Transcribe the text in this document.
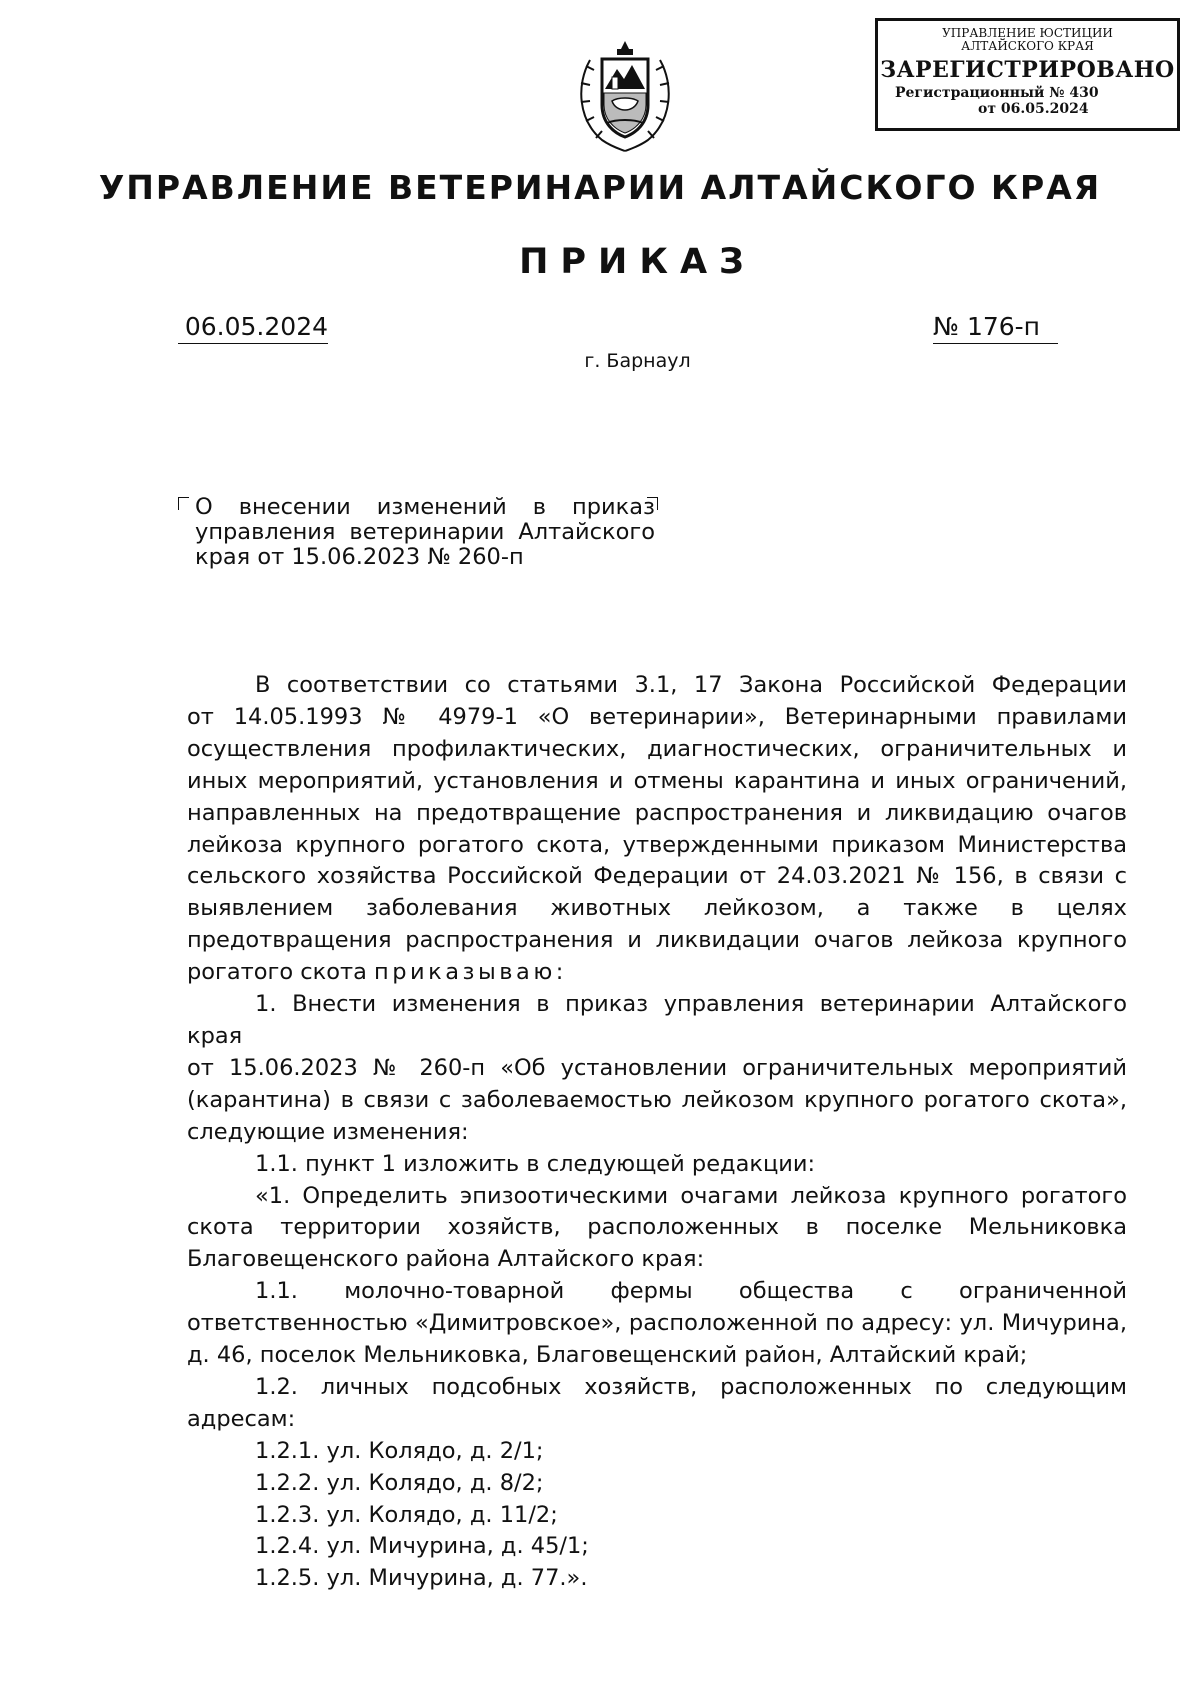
УПРАВЛЕНИЕ ЮСТИЦИИ
АЛТАЙСКОГО КРАЯ
ЗАРЕГИСТРИРОВАНО
Регистрационный № 430
от 06.05.2024
УПРАВЛЕНИЕ ВЕТЕРИНАРИИ АЛТАЙСКОГО КРАЯ
ПРИКАЗ
06.05.2024	№ 176-п
г. Барнаул
О внесении изменений в приказ
управления ветеринарии Алтайского
края от 15.06.2023 № 260-п
В соответствии со статьями 3.1, 17 Закона Российской Федерации
от 14.05.1993 № 4979-1 «О ветеринарии», Ветеринарными правилами
осуществления профилактических, диагностических, ограничительных и
иных мероприятий, установления и отмены карантина и иных ограничений,
направленных на предотвращение распространения и ликвидацию очагов
лейкоза крупного рогатого скота, утвержденными приказом Министерства
сельского хозяйства Российской Федерации от 24.03.2021 № 156, в связи с
выявлением заболевания животных лейкозом, а также в целях
предотвращения распространения и ликвидации очагов лейкоза крупного
рогатого скота приказываю:
1. Внести изменения в приказ управления ветеринарии Алтайского края
от 15.06.2023 № 260-п «Об установлении ограничительных мероприятий
(карантина) в связи с заболеваемостью лейкозом крупного рогатого скота»,
следующие изменения:
1.1. пункт 1 изложить в следующей редакции:
«1. Определить эпизоотическими очагами лейкоза крупного рогатого
скота территории хозяйств, расположенных в поселке Мельниковка
Благовещенского района Алтайского края:
1.1. молочно-товарной фермы общества с ограниченной
ответственностью «Димитровское», расположенной по адресу: ул. Мичурина,
д. 46, поселок Мельниковка, Благовещенский район, Алтайский край;
1.2. личных подсобных хозяйств, расположенных по следующим
адресам:
1.2.1. ул. Колядо, д. 2/1;
1.2.2. ул. Колядо, д. 8/2;
1.2.3. ул. Колядо, д. 11/2;
1.2.4. ул. Мичурина, д. 45/1;
1.2.5. ул. Мичурина, д. 77.».
